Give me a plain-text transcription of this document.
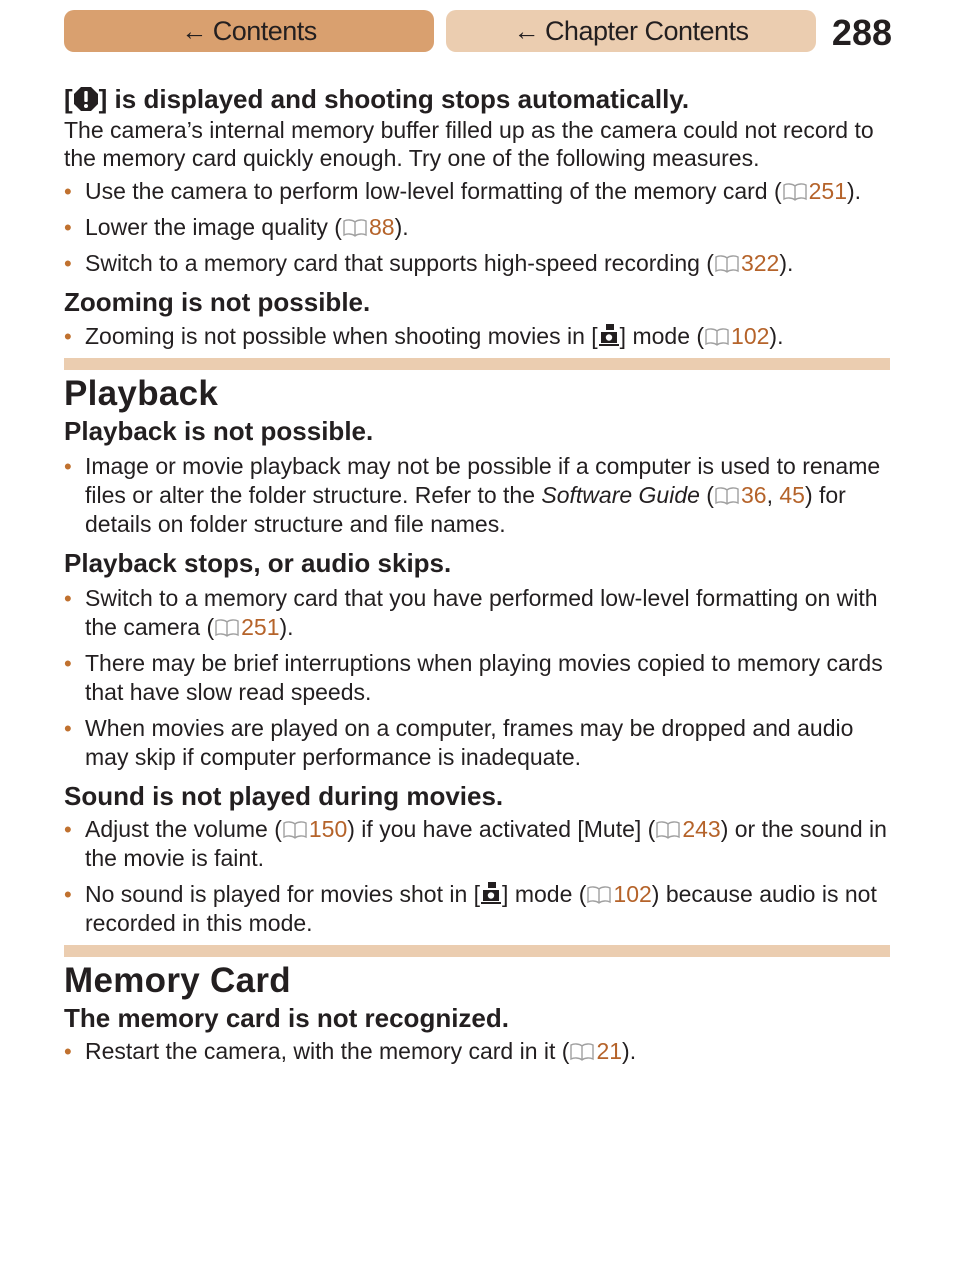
← Contents	← Chapter Contents 288
[ ] is displayed and shooting stops automatically.

The camera’s internal memory buffer filled up as the camera could not record to the memory card quickly enough. Try one of the following measures.

• Use the camera to perform low-level formatting of the memory card ( 251).
• Lower the image quality ( 88).
• Switch to a memory card that supports high-speed recording ( 322).
Zooming is not possible.
• Zooming is not possible when shooting movies in [ ] mode ( 102).
Playback
Playback is not possible.
• Image or movie playback may not be possible if a computer is used to rename files or alter the folder structure. Refer to the Software Guide ( 36, 45) for details on folder structure and file names.
Playback stops, or audio skips.
• Switch to a memory card that you have performed low-level formatting on with the camera ( 251).
• There may be brief interruptions when playing movies copied to memory cards that have slow read speeds.
• When movies are played on a computer, frames may be dropped and audio may skip if computer performance is inadequate.
Sound is not played during movies.
• Adjust the volume ( 150) if you have activated [Mute] ( 243) or the sound in the movie is faint.
• No sound is played for movies shot in [ ] mode ( 102) because audio is not recorded in this mode.
Memory Card
The memory card is not recognized.
• Restart the camera, with the memory card in it ( 21).
